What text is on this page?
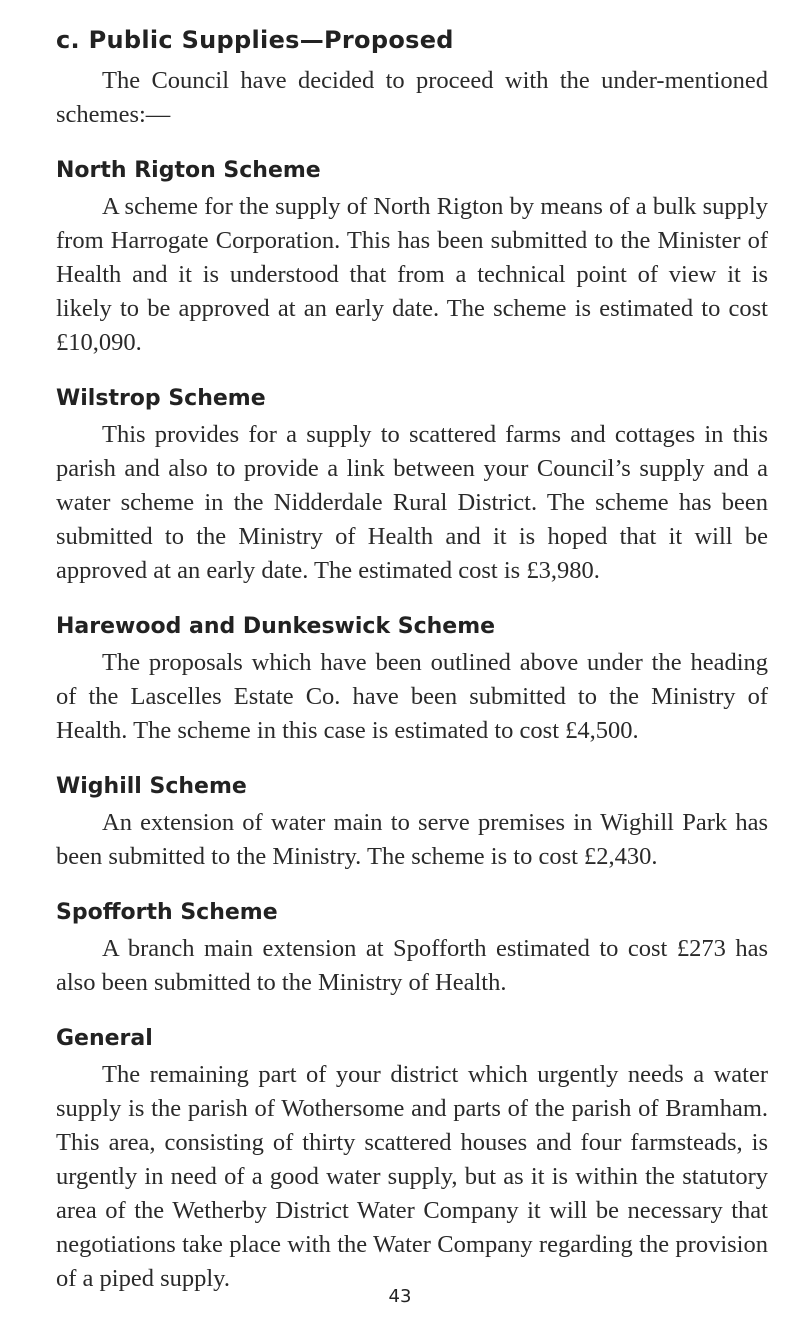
c. Public Supplies—Proposed

The Council have decided to proceed with the under-mentioned schemes:—

North Rigton Scheme

A scheme for the supply of North Rigton by means of a bulk supply from Harrogate Corporation. This has been submitted to the Minister of Health and it is understood that from a technical point of view it is likely to be approved at an early date. The scheme is estimated to cost £10,090.

Wilstrop Scheme

This provides for a supply to scattered farms and cottages in this parish and also to provide a link between your Council’s supply and a water scheme in the Nidderdale Rural District. The scheme has been submitted to the Ministry of Health and it is hoped that it will be approved at an early date. The estimated cost is £3,980.

Harewood and Dunkeswick Scheme

The proposals which have been outlined above under the heading of the Lascelles Estate Co. have been submitted to the Ministry of Health. The scheme in this case is estimated to cost £4,500.

Wighill Scheme

An extension of water main to serve premises in Wighill Park has been submitted to the Ministry. The scheme is to cost £2,430.

Spofforth Scheme

A branch main extension at Spofforth estimated to cost £273 has also been submitted to the Ministry of Health.

General

The remaining part of your district which urgently needs a water supply is the parish of Wothersome and parts of the parish of Bramham. This area, consisting of thirty scattered houses and four farmsteads, is urgently in need of a good water supply, but as it is within the statutory area of the Wetherby District Water Company it will be necessary that negotiations take place with the Water Company regarding the provision of a piped supply.

43
